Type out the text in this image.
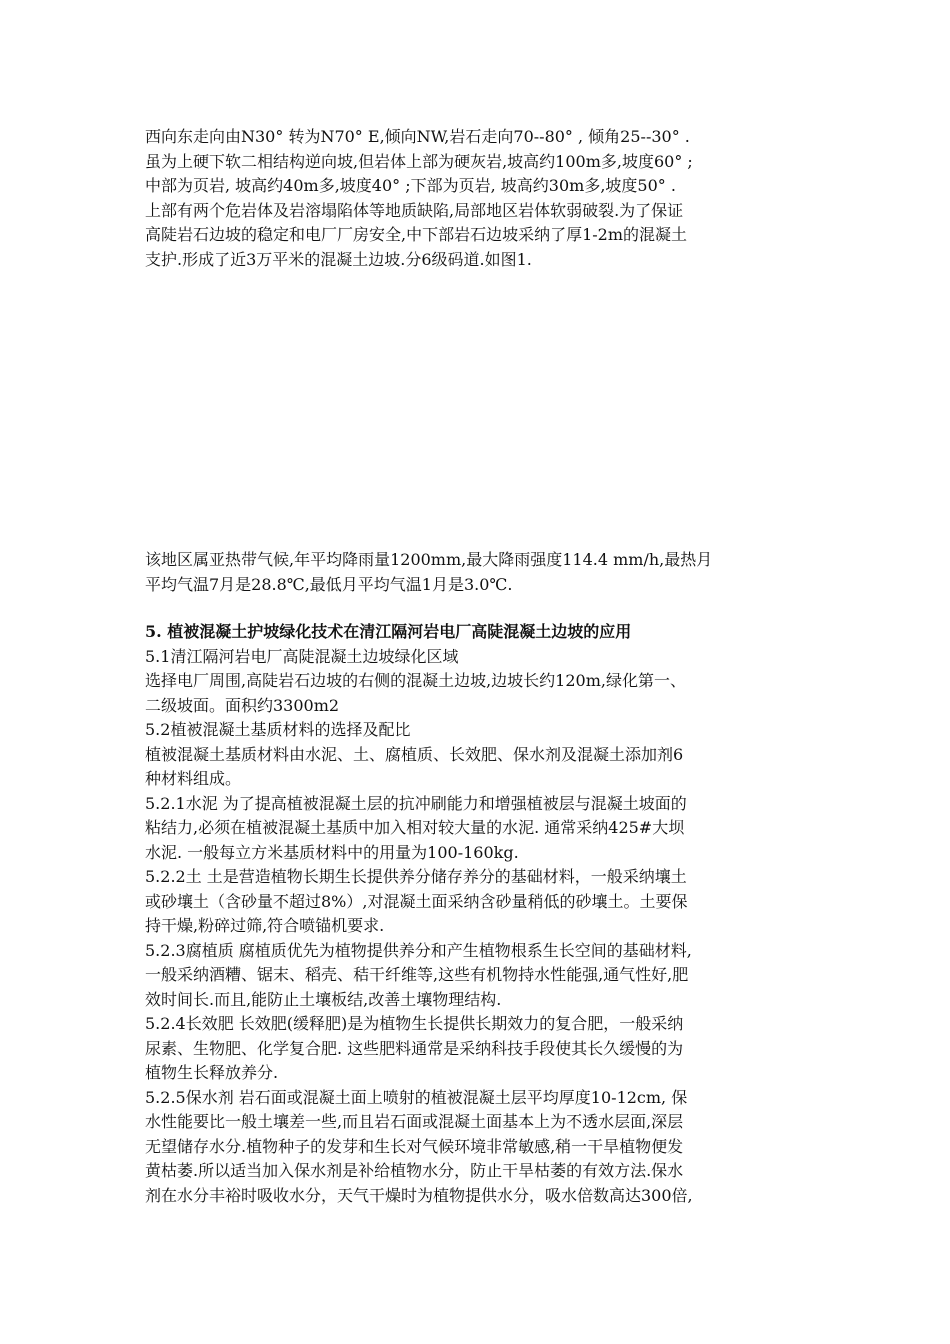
西向东走向由N30° 转为N70° E,倾向NW,岩石走向70--80° , 倾角25--30° .
虽为上硬下软二相结构逆向坡,但岩体上部为硬灰岩,坡高约100m多,坡度60° ;
中部为页岩, 坡高约40m多,坡度40° ;下部为页岩, 坡高约30m多,坡度50° .
上部有两个危岩体及岩溶塌陷体等地质缺陷,局部地区岩体软弱破裂.为了保证
高陡岩石边坡的稳定和电厂厂房安全,中下部岩石边坡采纳了厚1-2m的混凝土
支护.形成了近3万平米的混凝土边坡.分6级码道.如图1.
该地区属亚热带气候,年平均降雨量1200mm,最大降雨强度114.4 mm/h,最热月
平均气温7月是28.8℃,最低月平均气温1月是3.0℃.
5. 植被混凝土护坡绿化技术在清江隔河岩电厂高陡混凝土边坡的应用
5.1清江隔河岩电厂高陡混凝土边坡绿化区域
选择电厂周围,高陡岩石边坡的右侧的混凝土边坡,边坡长约120m,绿化第一、
二级坡面。面积约3300m2
5.2植被混凝土基质材料的选择及配比
植被混凝土基质材料由水泥、土、腐植质、长效肥、保水剂及混凝土添加剂6
种材料组成。
5.2.1水泥 为了提高植被混凝土层的抗冲刷能力和增强植被层与混凝土坡面的
粘结力,必须在植被混凝土基质中加入相对较大量的水泥. 通常采纳425#大坝
水泥. 一般每立方米基质材料中的用量为100-160kg.
5.2.2土 土是营造植物长期生长提供养分储存养分的基础材料，一般采纳壤土
或砂壤土（含砂量不超过8%）,对混凝土面采纳含砂量稍低的砂壤土。土要保
持干燥,粉碎过筛,符合喷锚机要求.
5.2.3腐植质 腐植质优先为植物提供养分和产生植物根系生长空间的基础材料,
一般采纳酒糟、锯末、稻壳、秸干纤维等,这些有机物持水性能强,通气性好,肥
效时间长.而且,能防止土壤板结,改善土壤物理结构.
5.2.4长效肥 长效肥(缓释肥)是为植物生长提供长期效力的复合肥，一般采纳
尿素、生物肥、化学复合肥. 这些肥料通常是采纳科技手段使其长久缓慢的为
植物生长释放养分.
5.2.5保水剂 岩石面或混凝土面上喷射的植被混凝土层平均厚度10-12cm, 保
水性能要比一般土壤差一些,而且岩石面或混凝土面基本上为不透水层面,深层
无望储存水分.植物种子的发芽和生长对气候环境非常敏感,稍一干旱植物便发
黄枯萎.所以适当加入保水剂是补给植物水分，防止干旱枯萎的有效方法.保水
剂在水分丰裕时吸收水分，天气干燥时为植物提供水分，吸水倍数高达300倍,
